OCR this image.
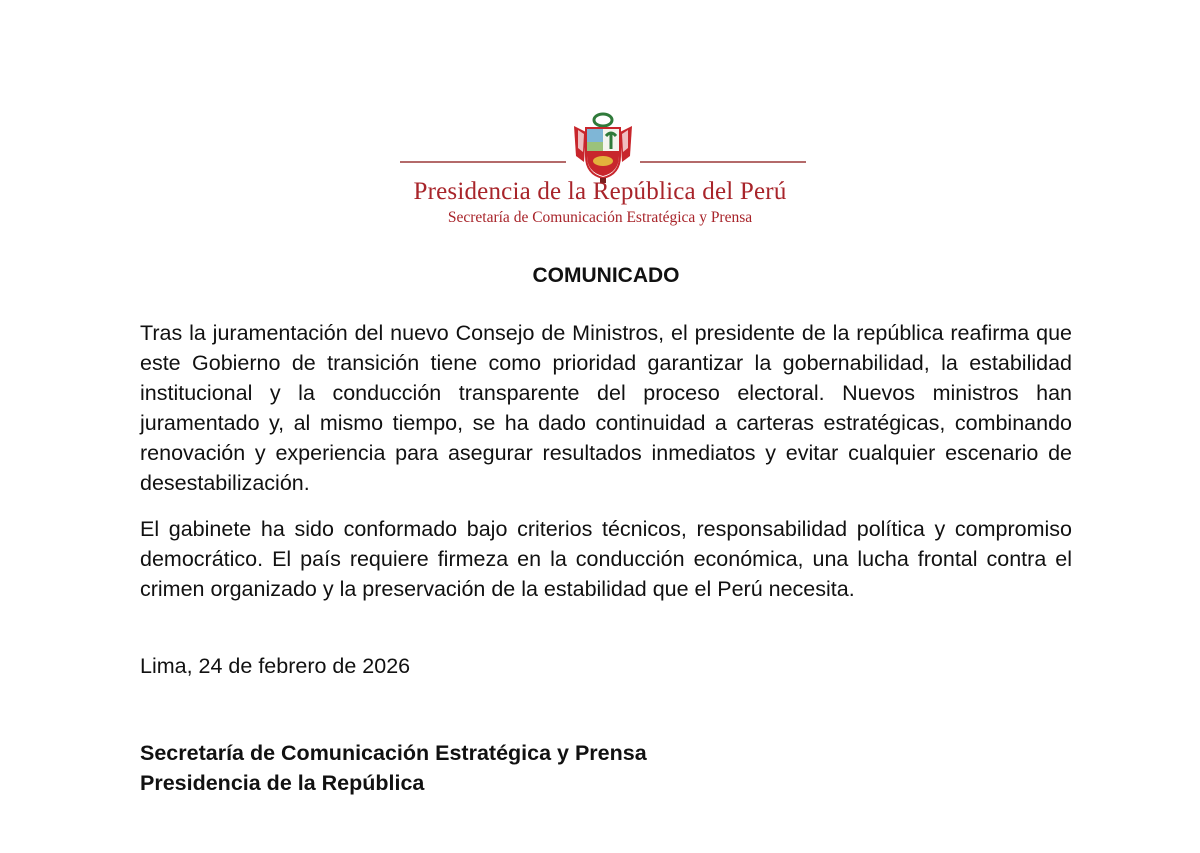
Presidencia de la República del Perú
Secretaría de Comunicación Estratégica y Prensa
COMUNICADO

Tras la juramentación del nuevo Consejo de Ministros, el presidente de la república reafirma que este Gobierno de transición tiene como prioridad garantizar la gobernabilidad, la estabilidad institucional y la conducción transparente del proceso electoral. Nuevos ministros han juramentado y, al mismo tiempo, se ha dado continuidad a carteras estratégicas, combinando renovación y experiencia para asegurar resultados inmediatos y evitar cualquier escenario de desestabilización.

El gabinete ha sido conformado bajo criterios técnicos, responsabilidad política y compromiso democrático. El país requiere firmeza en la conducción económica, una lucha frontal contra el crimen organizado y la preservación de la estabilidad que el Perú necesita.

Lima, 24 de febrero de 2026
Secretaría de Comunicación Estratégica y Prensa
Presidencia de la República
